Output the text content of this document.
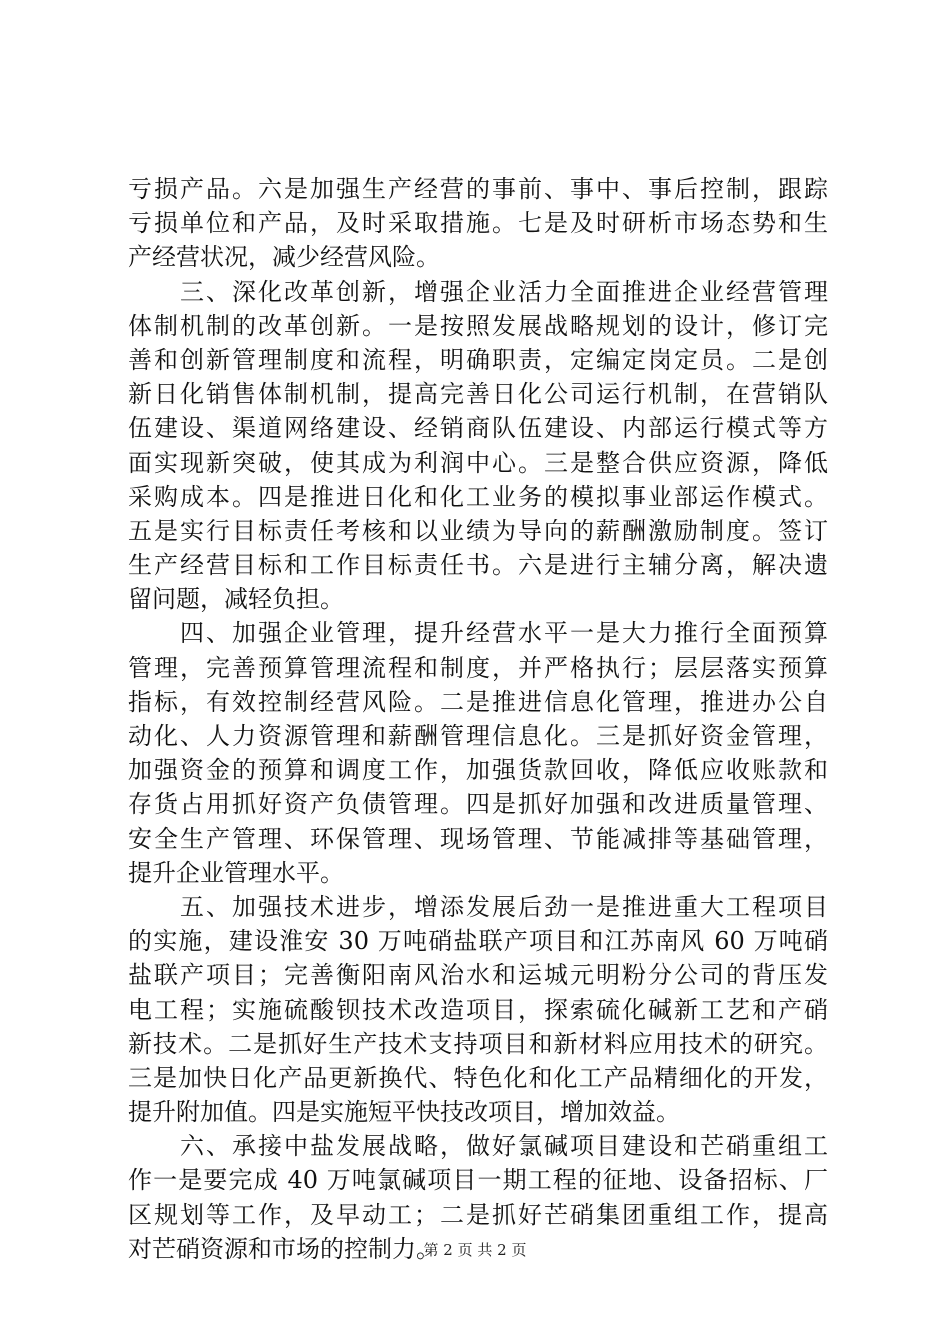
亏损产品。六是加强生产经营的事前、事中、事后控制，跟踪
亏损单位和产品，及时采取措施。七是及时研析市场态势和生
产经营状况，减少经营风险。
　　三、深化改革创新，增强企业活力全面推进企业经营管理
体制机制的改革创新。一是按照发展战略规划的设计，修订完
善和创新管理制度和流程，明确职责，定编定岗定员。二是创
新日化销售体制机制，提高完善日化公司运行机制，在营销队
伍建设、渠道网络建设、经销商队伍建设、内部运行模式等方
面实现新突破，使其成为利润中心。三是整合供应资源，降低
采购成本。四是推进日化和化工业务的模拟事业部运作模式。
五是实行目标责任考核和以业绩为导向的薪酬激励制度。签订
生产经营目标和工作目标责任书。六是进行主辅分离，解决遗
留问题，减轻负担。
　　四、加强企业管理，提升经营水平一是大力推行全面预算
管理，完善预算管理流程和制度，并严格执行；层层落实预算
指标，有效控制经营风险。二是推进信息化管理，推进办公自
动化、人力资源管理和薪酬管理信息化。三是抓好资金管理，
加强资金的预算和调度工作，加强货款回收，降低应收账款和
存货占用抓好资产负债管理。四是抓好加强和改进质量管理、
安全生产管理、环保管理、现场管理、节能减排等基础管理，
提升企业管理水平。
　　五、加强技术进步，增添发展后劲一是推进重大工程项目
的实施，建设淮安 30 万吨硝盐联产项目和江苏南风 60 万吨硝
盐联产项目；完善衡阳南风治水和运城元明粉分公司的背压发
电工程；实施硫酸钡技术改造项目，探索硫化碱新工艺和产硝
新技术。二是抓好生产技术支持项目和新材料应用技术的研究。
三是加快日化产品更新换代、特色化和化工产品精细化的开发，
提升附加值。四是实施短平快技改项目，增加效益。
　　六、承接中盐发展战略，做好氯碱项目建设和芒硝重组工
作一是要完成 40 万吨氯碱项目一期工程的征地、设备招标、厂
区规划等工作，及早动工；二是抓好芒硝集团重组工作，提高
对芒硝资源和市场的控制力。
第 2 页 共 2 页
